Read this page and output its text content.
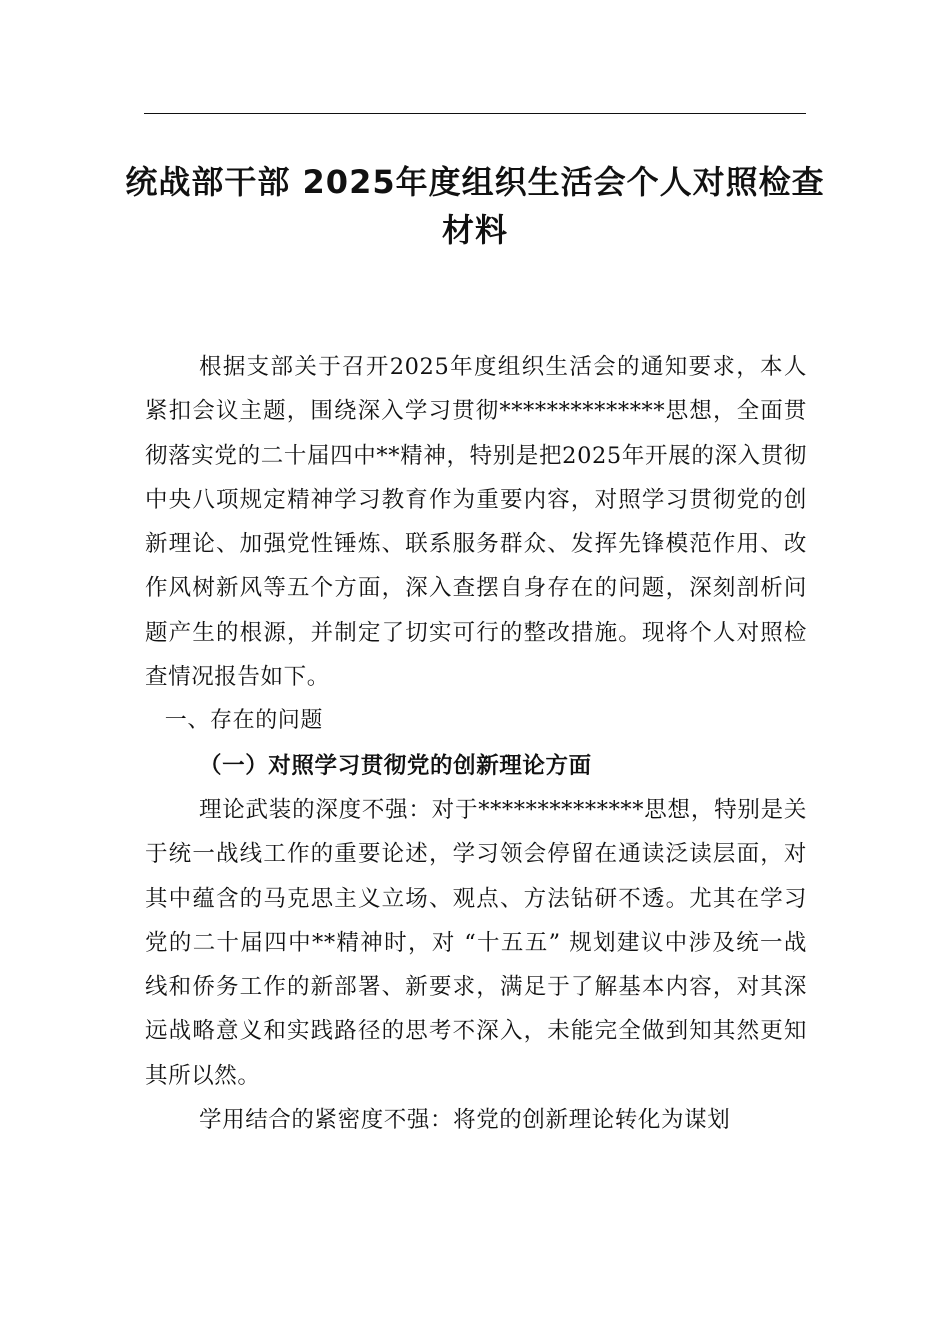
统战部干部 2025年度组织生活会个人对照检查材料

根据支部关于召开2025年度组织生活会的通知要求，本人紧扣会议主题，围绕深入学习贯彻**************思想，全面贯彻落实党的二十届四中**精神，特别是把2025年开展的深入贯彻中央八项规定精神学习教育作为重要内容，对照学习贯彻党的创新理论、加强党性锤炼、联系服务群众、发挥先锋模范作用、改作风树新风等五个方面，深入查摆自身存在的问题，深刻剖析问题产生的根源，并制定了切实可行的整改措施。现将个人对照检查情况报告如下。

一、存在的问题

（一）对照学习贯彻党的创新理论方面

理论武装的深度不强：对于**************思想，特别是关于统一战线工作的重要论述，学习领会停留在通读泛读层面，对其中蕴含的马克思主义立场、观点、方法钻研不透。尤其在学习党的二十届四中**精神时，对 “十五五” 规划建议中涉及统一战线和侨务工作的新部署、新要求，满足于了解基本内容，对其深远战略意义和实践路径的思考不深入，未能完全做到知其然更知其所以然。

学用结合的紧密度不强：将党的创新理论转化为谋划
